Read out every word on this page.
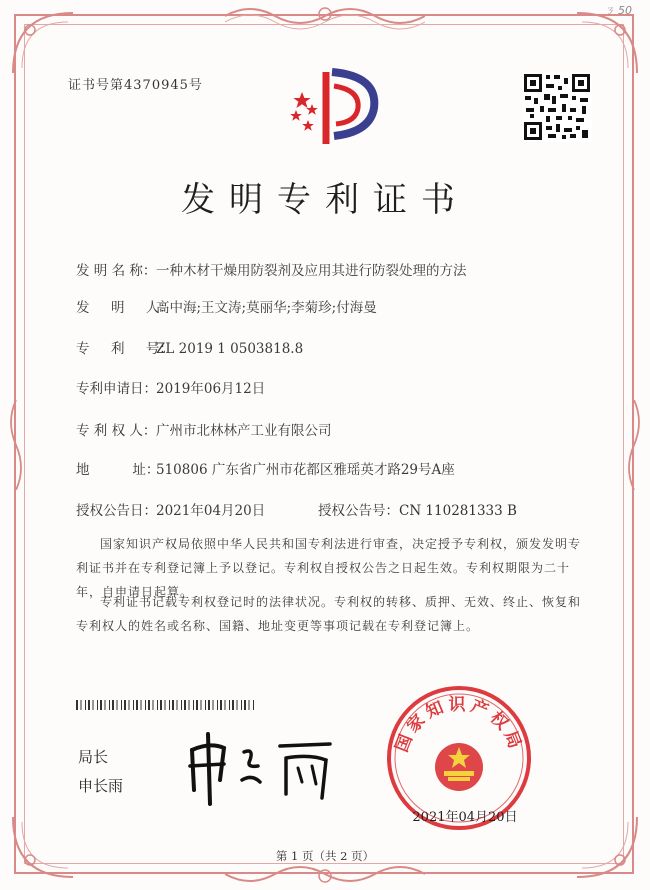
ㄋ 50
证书号第4370945号
发明专利证书
发 明 名 称：一种木材干燥用防裂剂及应用其进行防裂处理的方法
发     明     人：高中海;王文涛;莫丽华;李菊珍;付海曼
专     利     号：ZL 2019 1 0503818.8
专利申请日：2019年06月12日
专 利 权 人：广州市北林林产工业有限公司
地          址：510806 广东省广州市花都区雅瑶英才路29号A座
授权公告日：2021年04月20日	授权公告号：CN 110281333 B
国家知识产权局依照中华人民共和国专利法进行审查，决定授予专利权，颁发发明专利证书并在专利登记簿上予以登记。专利权自授权公告之日起生效。专利权期限为二十年，自申请日起算。
专利证书记载专利权登记时的法律状况。专利权的转移、质押、无效、终止、恢复和专利权人的姓名或名称、国籍、地址变更等事项记载在专利登记簿上。
局长
申长雨
国家知识产权局
2021年04月20日
第 1 页（共 2 页）
